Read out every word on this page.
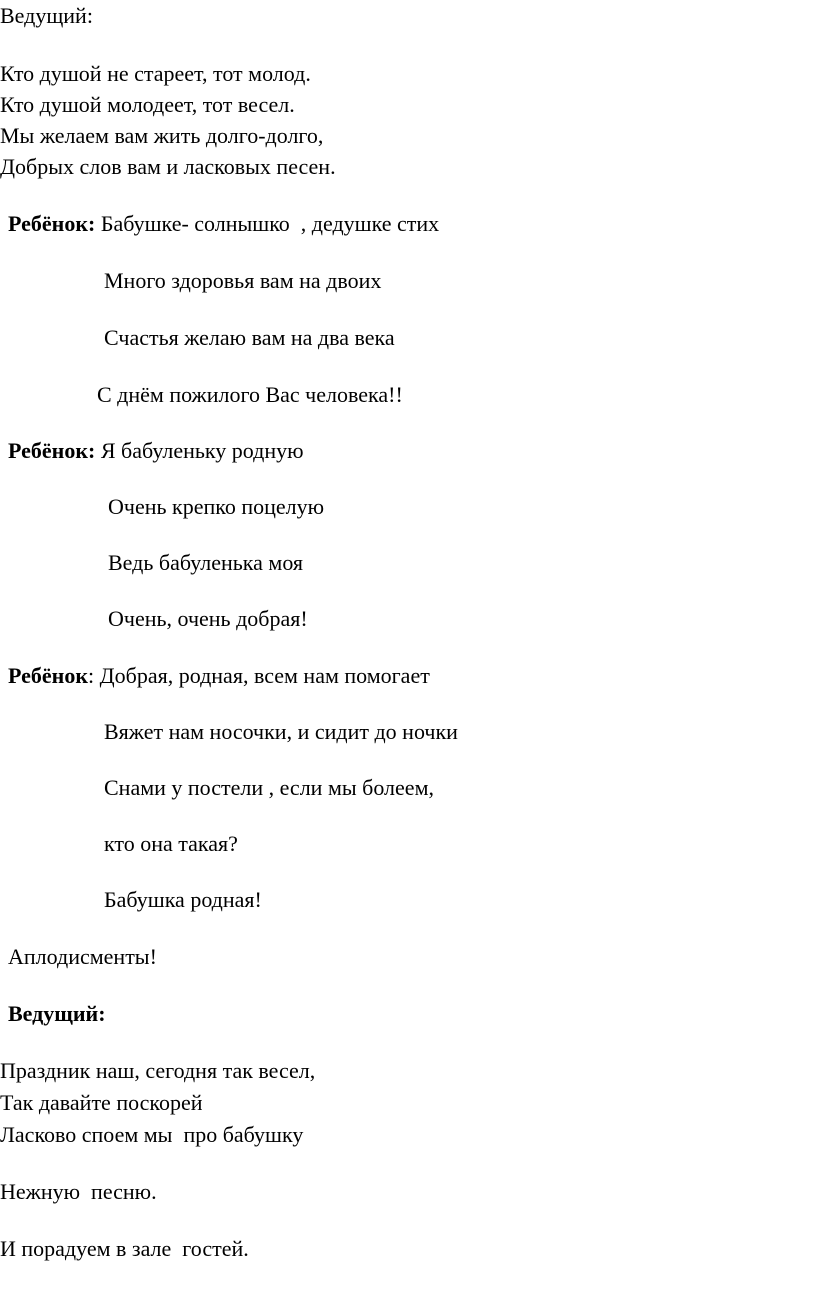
Ведущий:
Кто душой не стареет, тот молод.
Кто душой молодеет, тот весел.
Мы желаем вам жить долго-долго,
Добрых слов вам и ласковых песен.
Ребёнок: Бабушке- солнышко  , дедушке стих
Много здоровья вам на двоих
Счастья желаю вам на два века
С днём пожилого Вас человека!!
Ребёнок: Я бабуленьку родную
Очень крепко поцелую
Ведь бабуленька моя
Очень, очень добрая!
Ребёнок: Добрая, родная, всем нам помогает
Вяжет нам носочки, и сидит до ночки
Снами у постели , если мы болеем,
кто она такая?
Бабушка родная!
Аплодисменты!
Ведущий:
Праздник наш, сегодня так весел,
Так давайте поскорей
Ласково споем мы  про бабушку
Нежную  песню.
И порадуем в зале  гостей.
